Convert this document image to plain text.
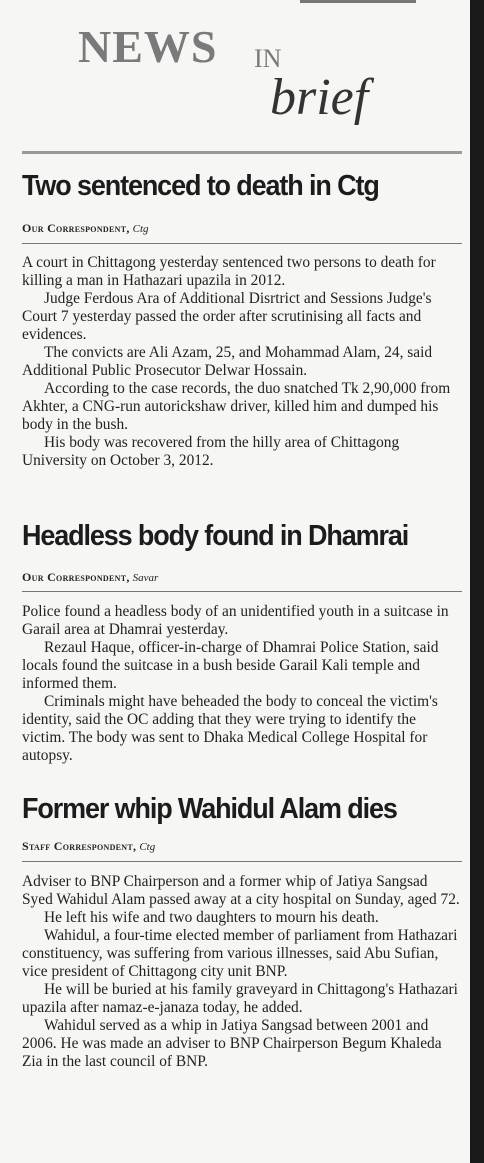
NEWS IN
brief
Two sentenced to death in Ctg
Our Correspondent, Ctg

A court in Chittagong yesterday sentenced two persons to death for killing a man in Hathazari upazila in 2012.

Judge Ferdous Ara of Additional Disrtrict and Sessions Judge's Court 7 yesterday passed the order after scrutinising all facts and evidences.

The convicts are Ali Azam, 25, and Mohammad Alam, 24, said Additional Public Prosecutor Delwar Hossain.

According to the case records, the duo snatched Tk 2,90,000 from Akhter, a CNG-run autorickshaw driver, killed him and dumped his body in the bush.

His body was recovered from the hilly area of Chittagong University on October 3, 2012.

Headless body found in Dhamrai
Our Correspondent, Savar

Police found a headless body of an unidentified youth in a suitcase in Garail area at Dhamrai yesterday.

Rezaul Haque, officer-in-charge of Dhamrai Police Station, said locals found the suitcase in a bush beside Garail Kali temple and informed them.

Criminals might have beheaded the body to conceal the victim's identity, said the OC adding that they were trying to identify the victim. The body was sent to Dhaka Medical College Hospital for autopsy.

Former whip Wahidul Alam dies
Staff Correspondent, Ctg

Adviser to BNP Chairperson and a former whip of Jatiya Sangsad Syed Wahidul Alam passed away at a city hospital on Sunday, aged 72.

He left his wife and two daughters to mourn his death.

Wahidul, a four-time elected member of parliament from Hathazari constituency, was suffering from various illnesses, said Abu Sufian, vice president of Chittagong city unit BNP.

He will be buried at his family graveyard in Chittagong's Hathazari upazila after namaz-e-janaza today, he added.

Wahidul served as a whip in Jatiya Sangsad between 2001 and 2006. He was made an adviser to BNP Chairperson Begum Khaleda Zia in the last council of BNP.
